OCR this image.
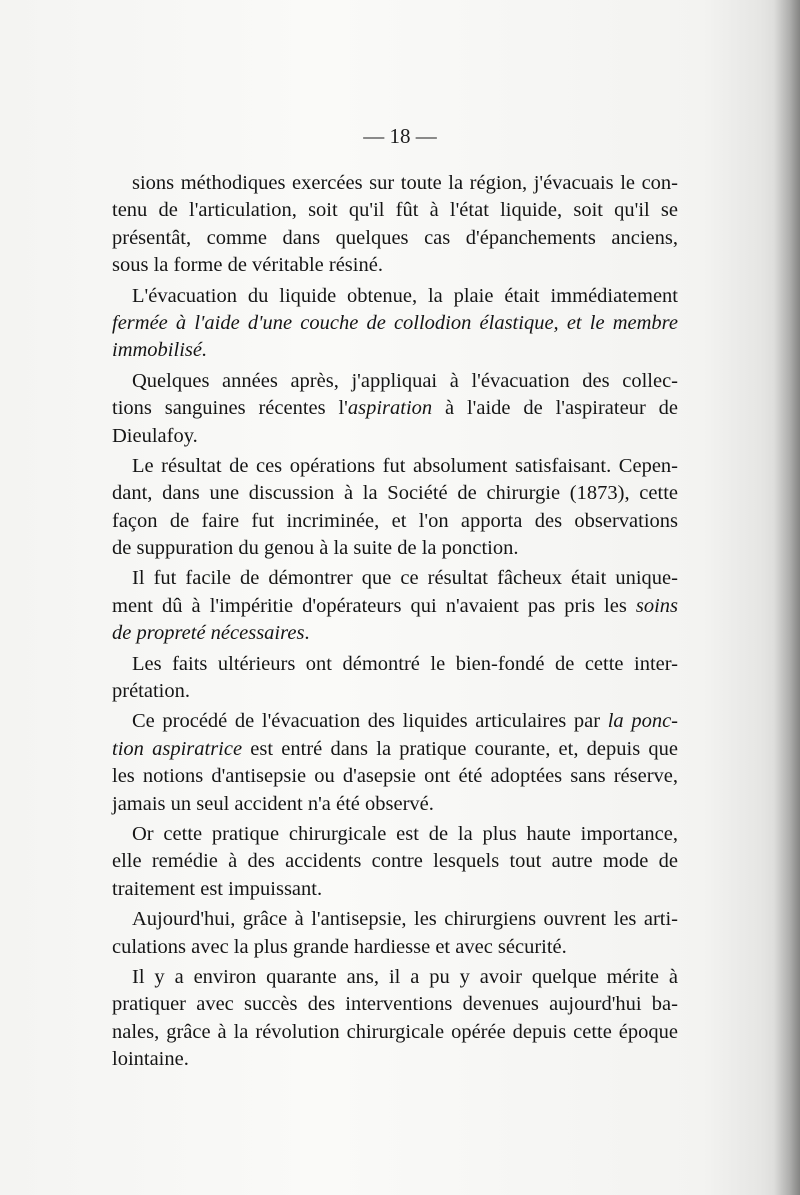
— 18 —
sions méthodiques exercées sur toute la région, j'évacuais le con-
tenu de l'articulation, soit qu'il fût à l'état liquide, soit qu'il se
présentât, comme dans quelques cas d'épanchements anciens,
sous la forme de véritable résiné.
L'évacuation du liquide obtenue, la plaie était immédiatement
fermée à l'aide d'une couche de collodion élastique, et le membre
immobilisé.
Quelques années après, j'appliquai à l'évacuation des collec-
tions sanguines récentes l'aspiration à l'aide de l'aspirateur de
Dieulafoy.
Le résultat de ces opérations fut absolument satisfaisant. Cepen-
dant, dans une discussion à la Société de chirurgie (1873), cette
façon de faire fut incriminée, et l'on apporta des observations
de suppuration du genou à la suite de la ponction.
Il fut facile de démontrer que ce résultat fâcheux était unique-
ment dû à l'impéritie d'opérateurs qui n'avaient pas pris les soins
de propreté nécessaires.
Les faits ultérieurs ont démontré le bien-fondé de cette inter-
prétation.
Ce procédé de l'évacuation des liquides articulaires par la ponc-
tion aspiratrice est entré dans la pratique courante, et, depuis que
les notions d'antisepsie ou d'asepsie ont été adoptées sans réserve,
jamais un seul accident n'a été observé.
Or cette pratique chirurgicale est de la plus haute importance,
elle remédie à des accidents contre lesquels tout autre mode de
traitement est impuissant.
Aujourd'hui, grâce à l'antisepsie, les chirurgiens ouvrent les arti-
culations avec la plus grande hardiesse et avec sécurité.
Il y a environ quarante ans, il a pu y avoir quelque mérite à
pratiquer avec succès des interventions devenues aujourd'hui ba-
nales, grâce à la révolution chirurgicale opérée depuis cette époque
lointaine.
